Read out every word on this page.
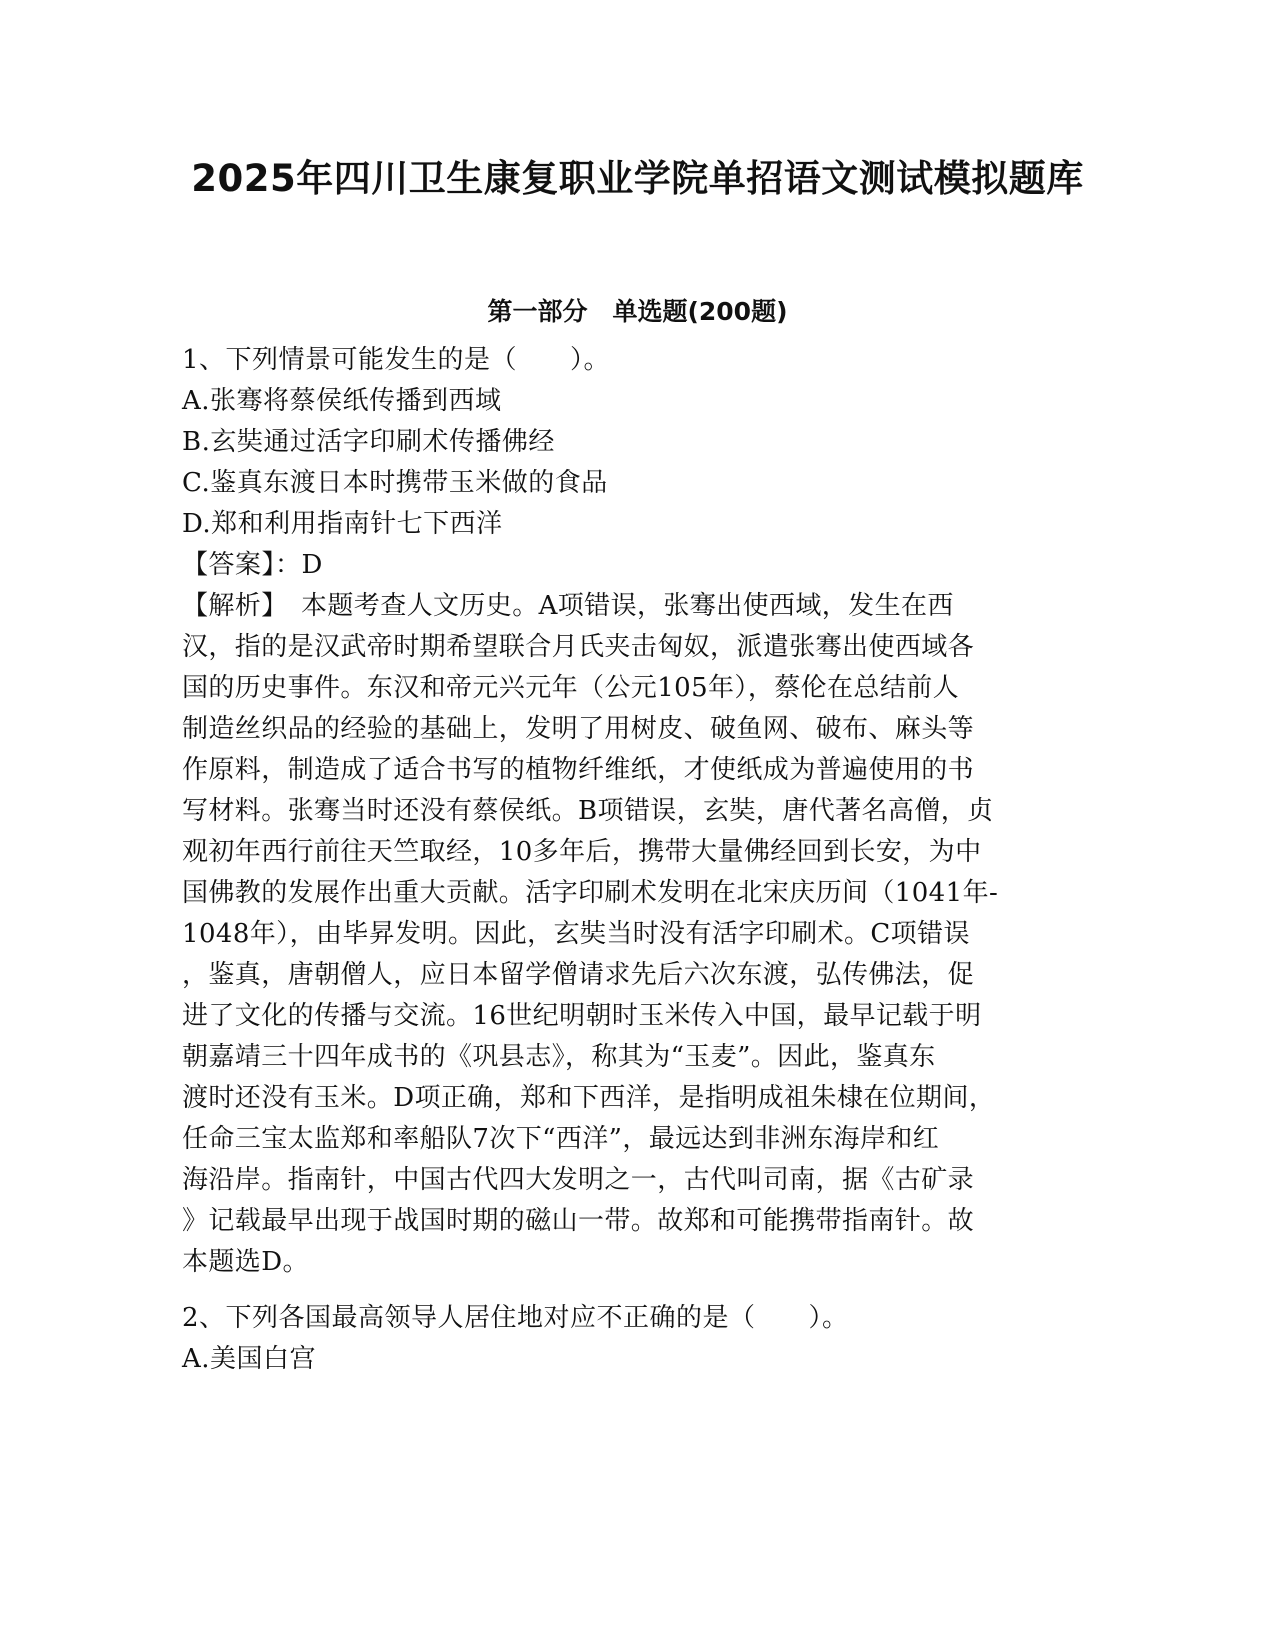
2025年四川卫生康复职业学院单招语文测试模拟题库
第一部分　单选题(200题)
1、下列情景可能发生的是（　　）。
A.张骞将蔡侯纸传播到西域
B.玄奘通过活字印刷术传播佛经
C.鉴真东渡日本时携带玉米做的食品
D.郑和利用指南针七下西洋
【答案】：D
【解析】　本题考查人文历史。A项错误，张骞出使西域，发生在西
汉，指的是汉武帝时期希望联合月氏夹击匈奴，派遣张骞出使西域各
国的历史事件。东汉和帝元兴元年（公元105年），蔡伦在总结前人
制造丝织品的经验的基础上，发明了用树皮、破鱼网、破布、麻头等
作原料，制造成了适合书写的植物纤维纸，才使纸成为普遍使用的书
写材料。张骞当时还没有蔡侯纸。B项错误，玄奘，唐代著名高僧，贞
观初年西行前往天竺取经，10多年后，携带大量佛经回到长安，为中
国佛教的发展作出重大贡献。活字印刷术发明在北宋庆历间（1041年-
1048年），由毕昇发明。因此，玄奘当时没有活字印刷术。C项错误
，鉴真，唐朝僧人，应日本留学僧请求先后六次东渡，弘传佛法，促
进了文化的传播与交流。16世纪明朝时玉米传入中国，最早记载于明
朝嘉靖三十四年成书的《巩县志》，称其为“玉麦”。因此，鉴真东
渡时还没有玉米。D项正确，郑和下西洋，是指明成祖朱棣在位期间，
任命三宝太监郑和率船队7次下“西洋”，最远达到非洲东海岸和红
海沿岸。指南针，中国古代四大发明之一，古代叫司南，据《古矿录
》记载最早出现于战国时期的磁山一带。故郑和可能携带指南针。故
本题选D。
2、下列各国最高领导人居住地对应不正确的是（　　）。
A.美国白宫
